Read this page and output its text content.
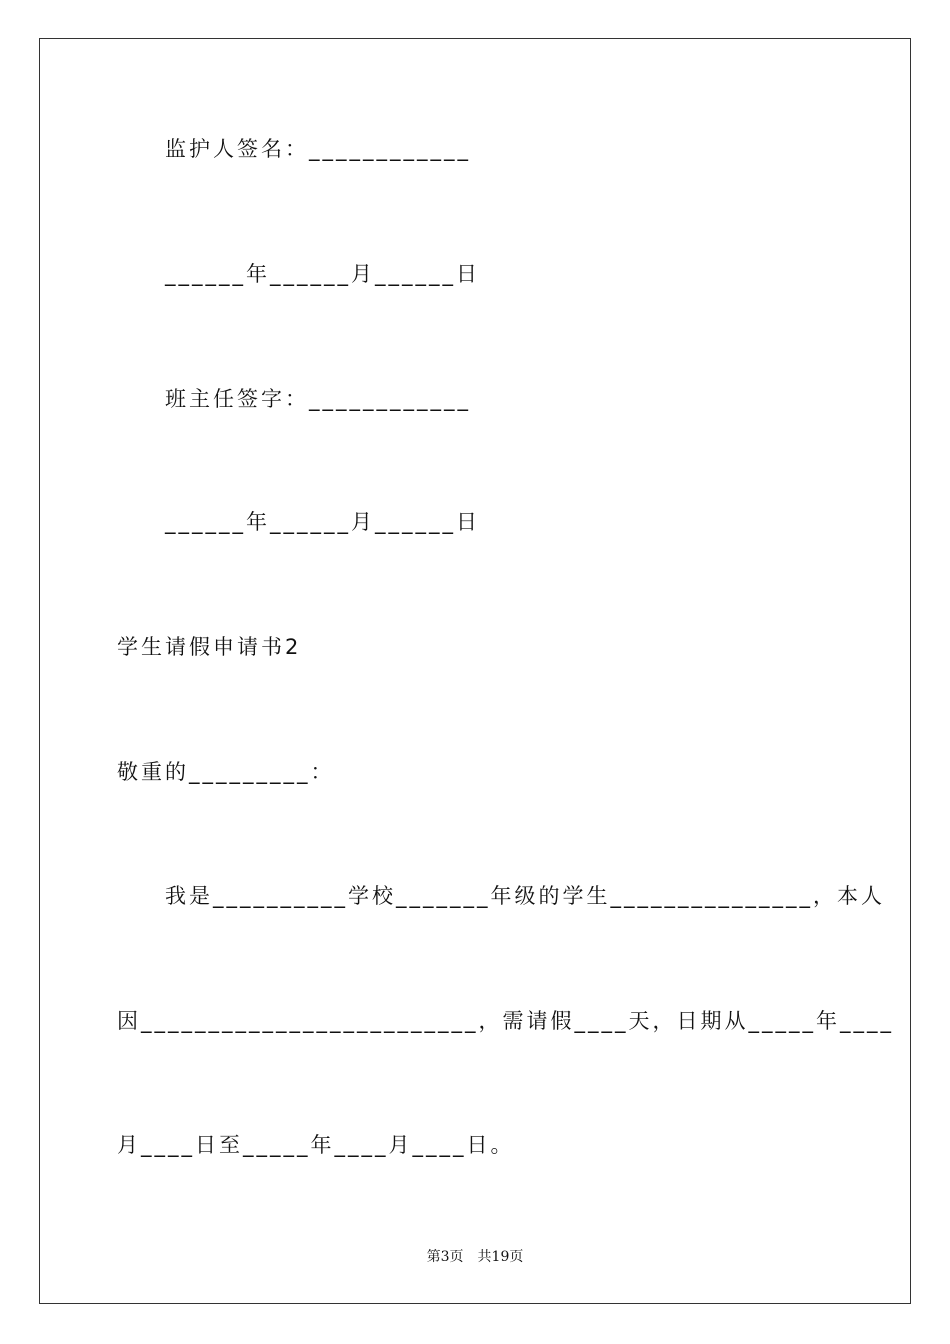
监护人签名：____________
______年______月______日
班主任签字：____________
______年______月______日
学生请假申请书2
敬重的_________：
我是__________学校_______年级的学生_______________，本人
因_________________________，需请假____天，日期从_____年____
月____日至_____年____月____日。
第3页　共19页
